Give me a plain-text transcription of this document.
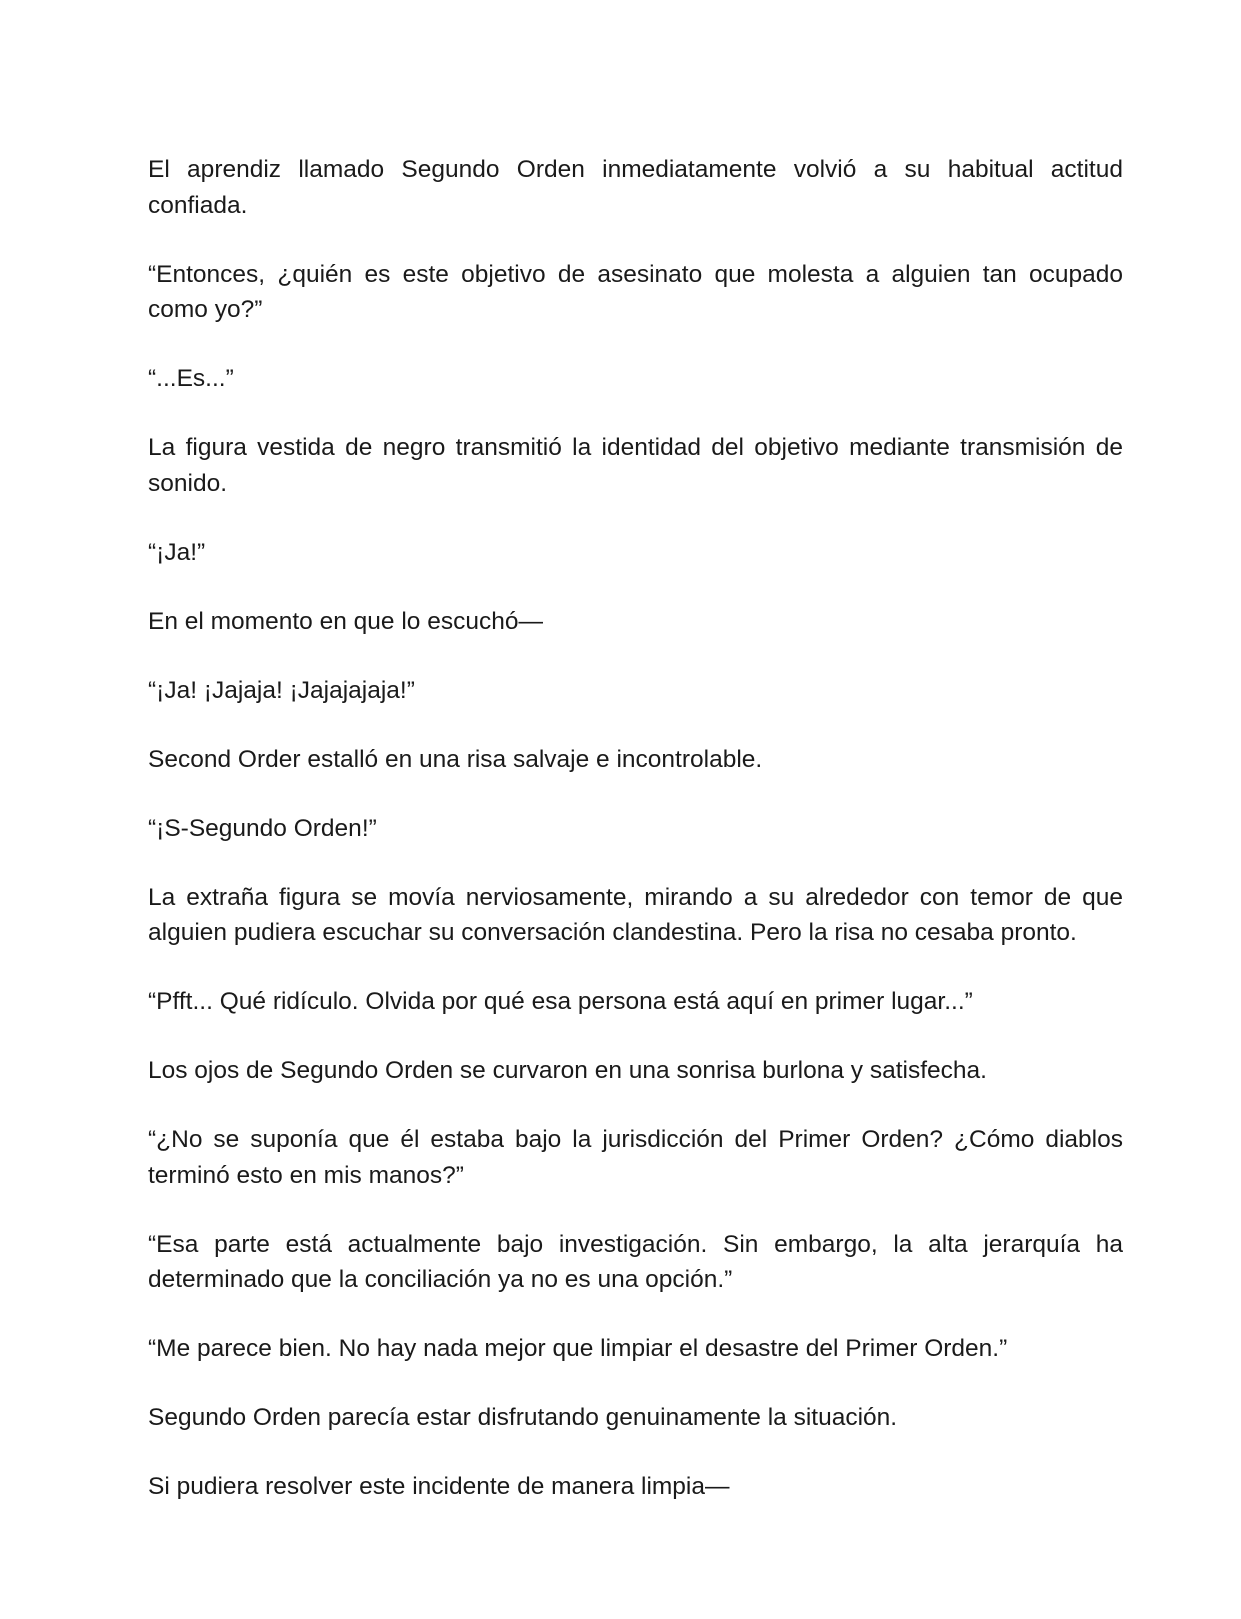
El aprendiz llamado Segundo Orden inmediatamente volvió a su habitual actitud confiada.

“Entonces, ¿quién es este objetivo de asesinato que molesta a alguien tan ocupado como yo?”

“...Es...”

La figura vestida de negro transmitió la identidad del objetivo mediante transmisión de sonido.

“¡Ja!”

En el momento en que lo escuchó—

“¡Ja! ¡Jajaja! ¡Jajajajaja!”

Second Order estalló en una risa salvaje e incontrolable.

“¡S-Segundo Orden!”

La extraña figura se movía nerviosamente, mirando a su alrededor con temor de que alguien pudiera escuchar su conversación clandestina. Pero la risa no cesaba pronto.

“Pfft... Qué ridículo. Olvida por qué esa persona está aquí en primer lugar...”

Los ojos de Segundo Orden se curvaron en una sonrisa burlona y satisfecha.

“¿No se suponía que él estaba bajo la jurisdicción del Primer Orden? ¿Cómo diablos terminó esto en mis manos?”

“Esa parte está actualmente bajo investigación. Sin embargo, la alta jerarquía ha determinado que la conciliación ya no es una opción.”

“Me parece bien. No hay nada mejor que limpiar el desastre del Primer Orden.”

Segundo Orden parecía estar disfrutando genuinamente la situación.

Si pudiera resolver este incidente de manera limpia—
